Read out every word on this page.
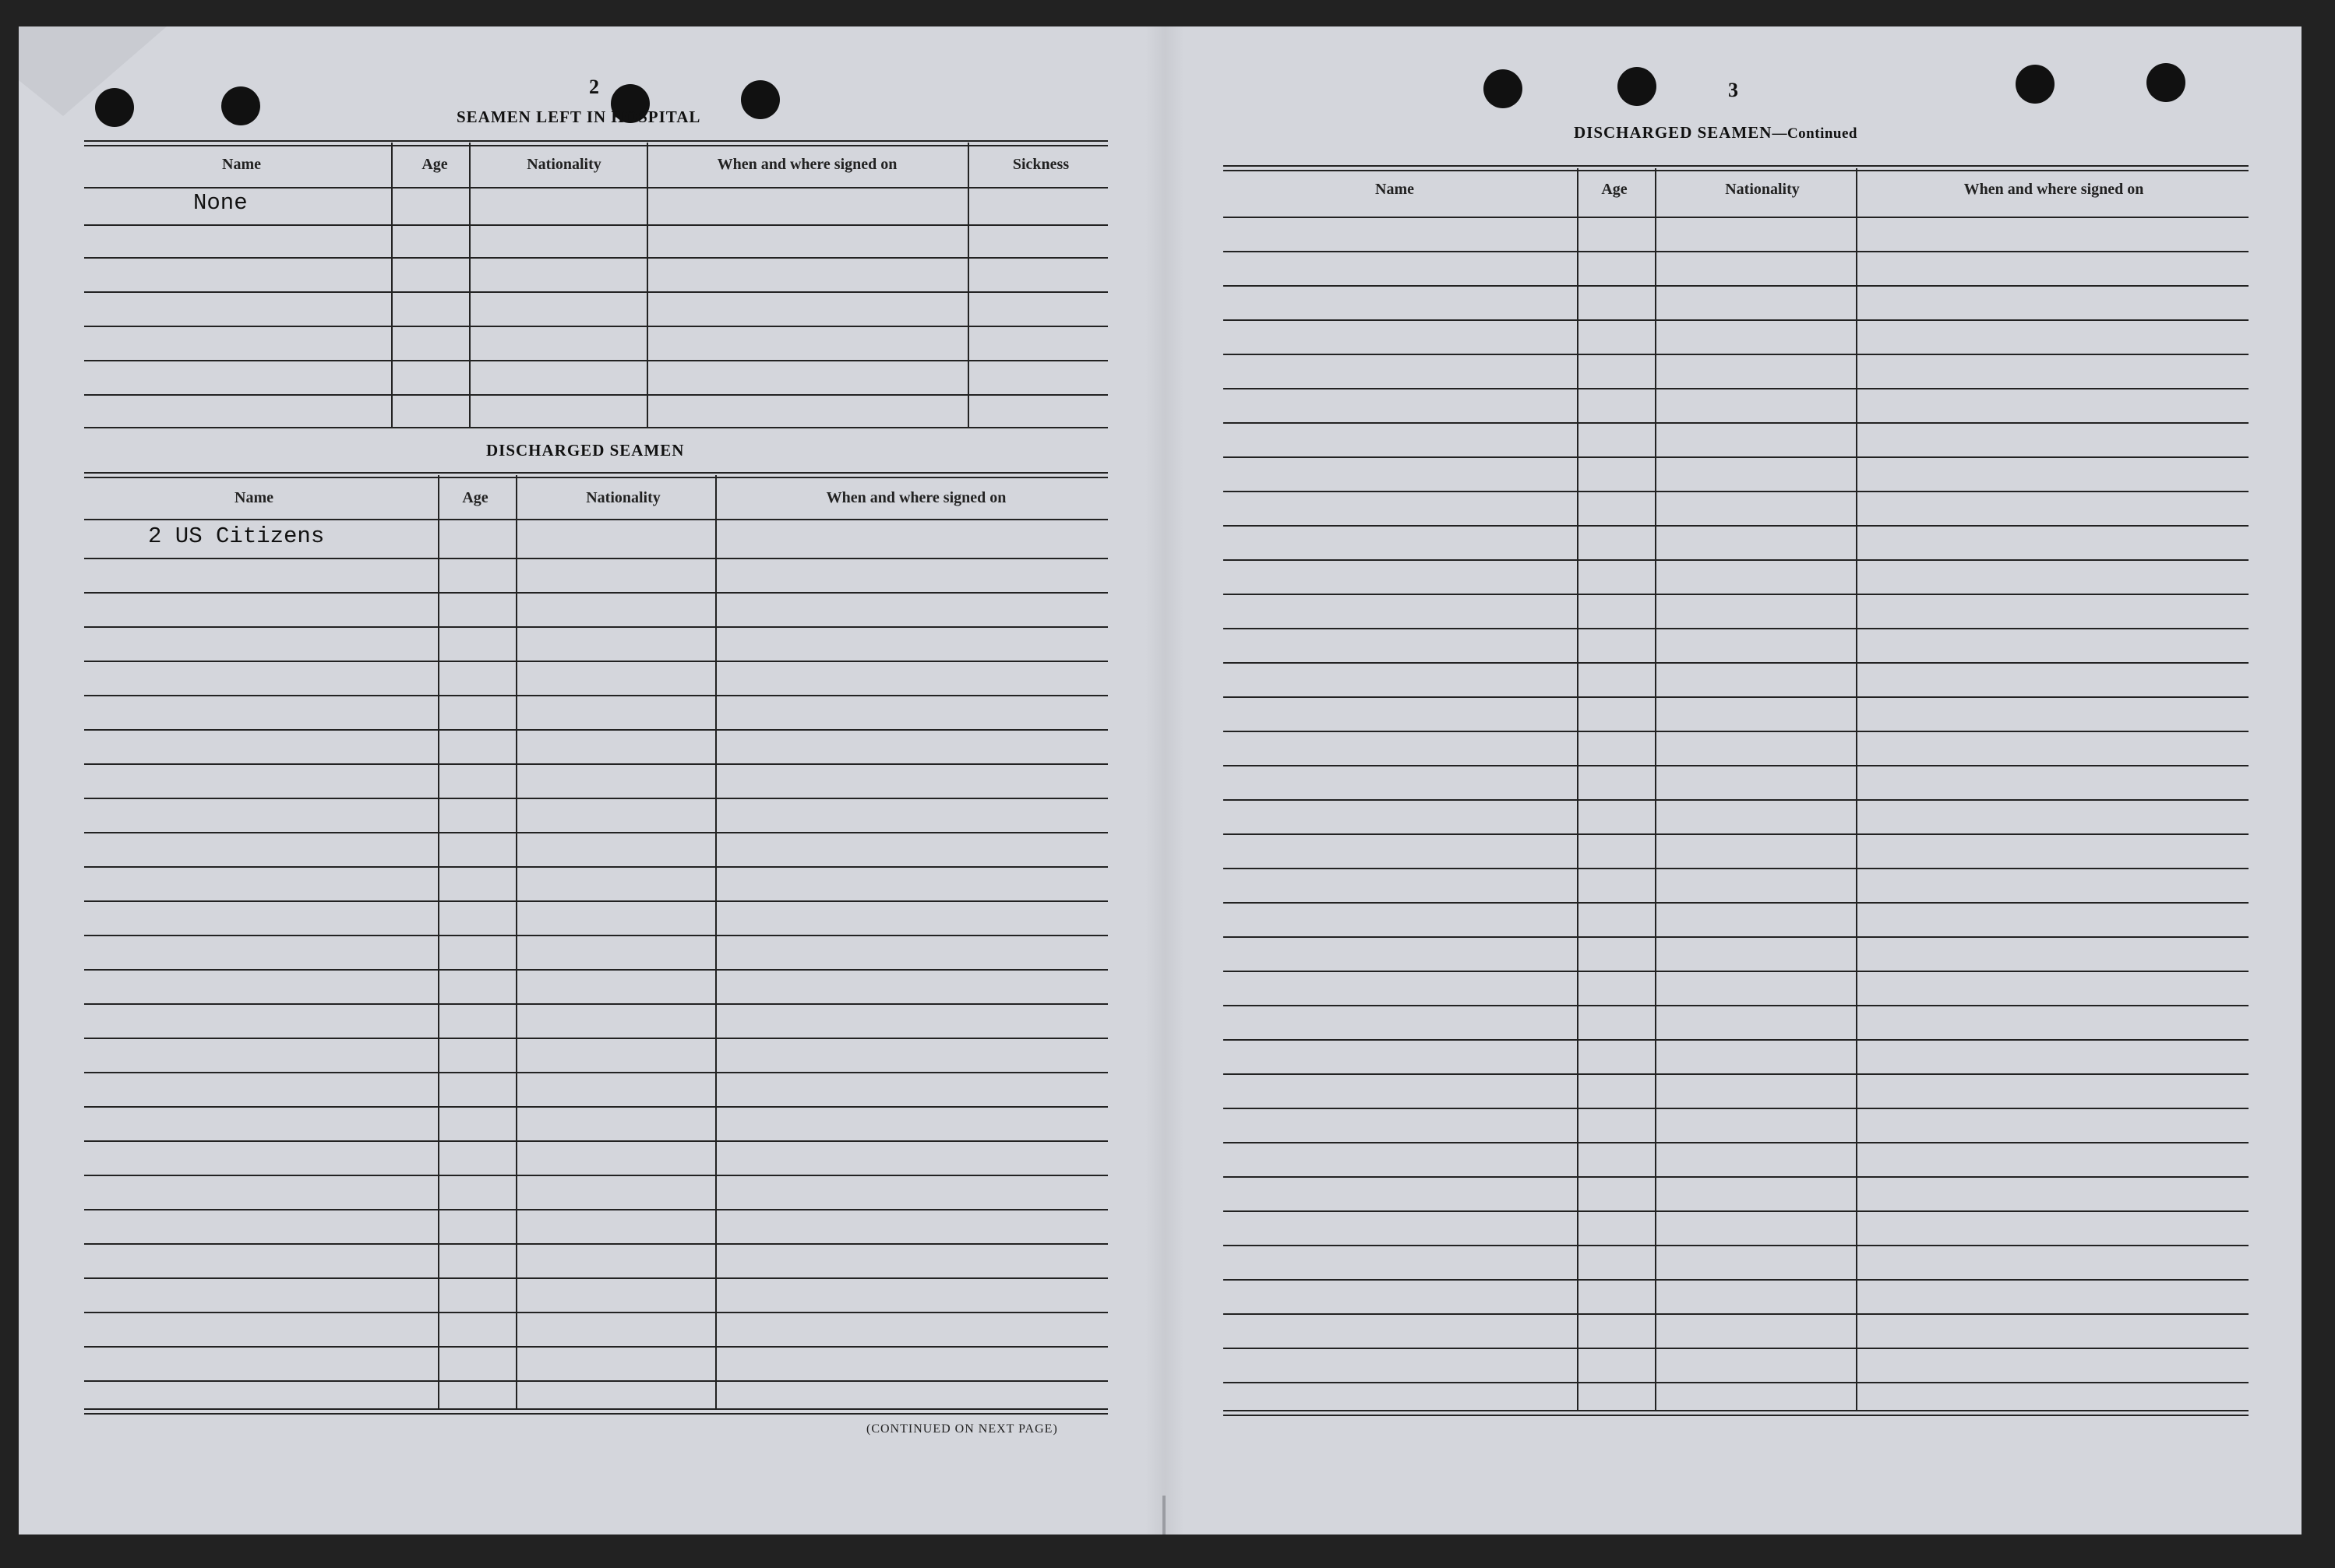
2
SEAMEN LEFT IN HOSPITAL
Name	Age	Nationality	When and where signed on	Sickness
None
DISCHARGED SEAMEN
Name	Age	Nationality	When and where signed on
2 US Citizens
(CONTINUED ON NEXT PAGE)
3
DISCHARGED SEAMEN—Continued
Name	Age	Nationality	When and where signed on
